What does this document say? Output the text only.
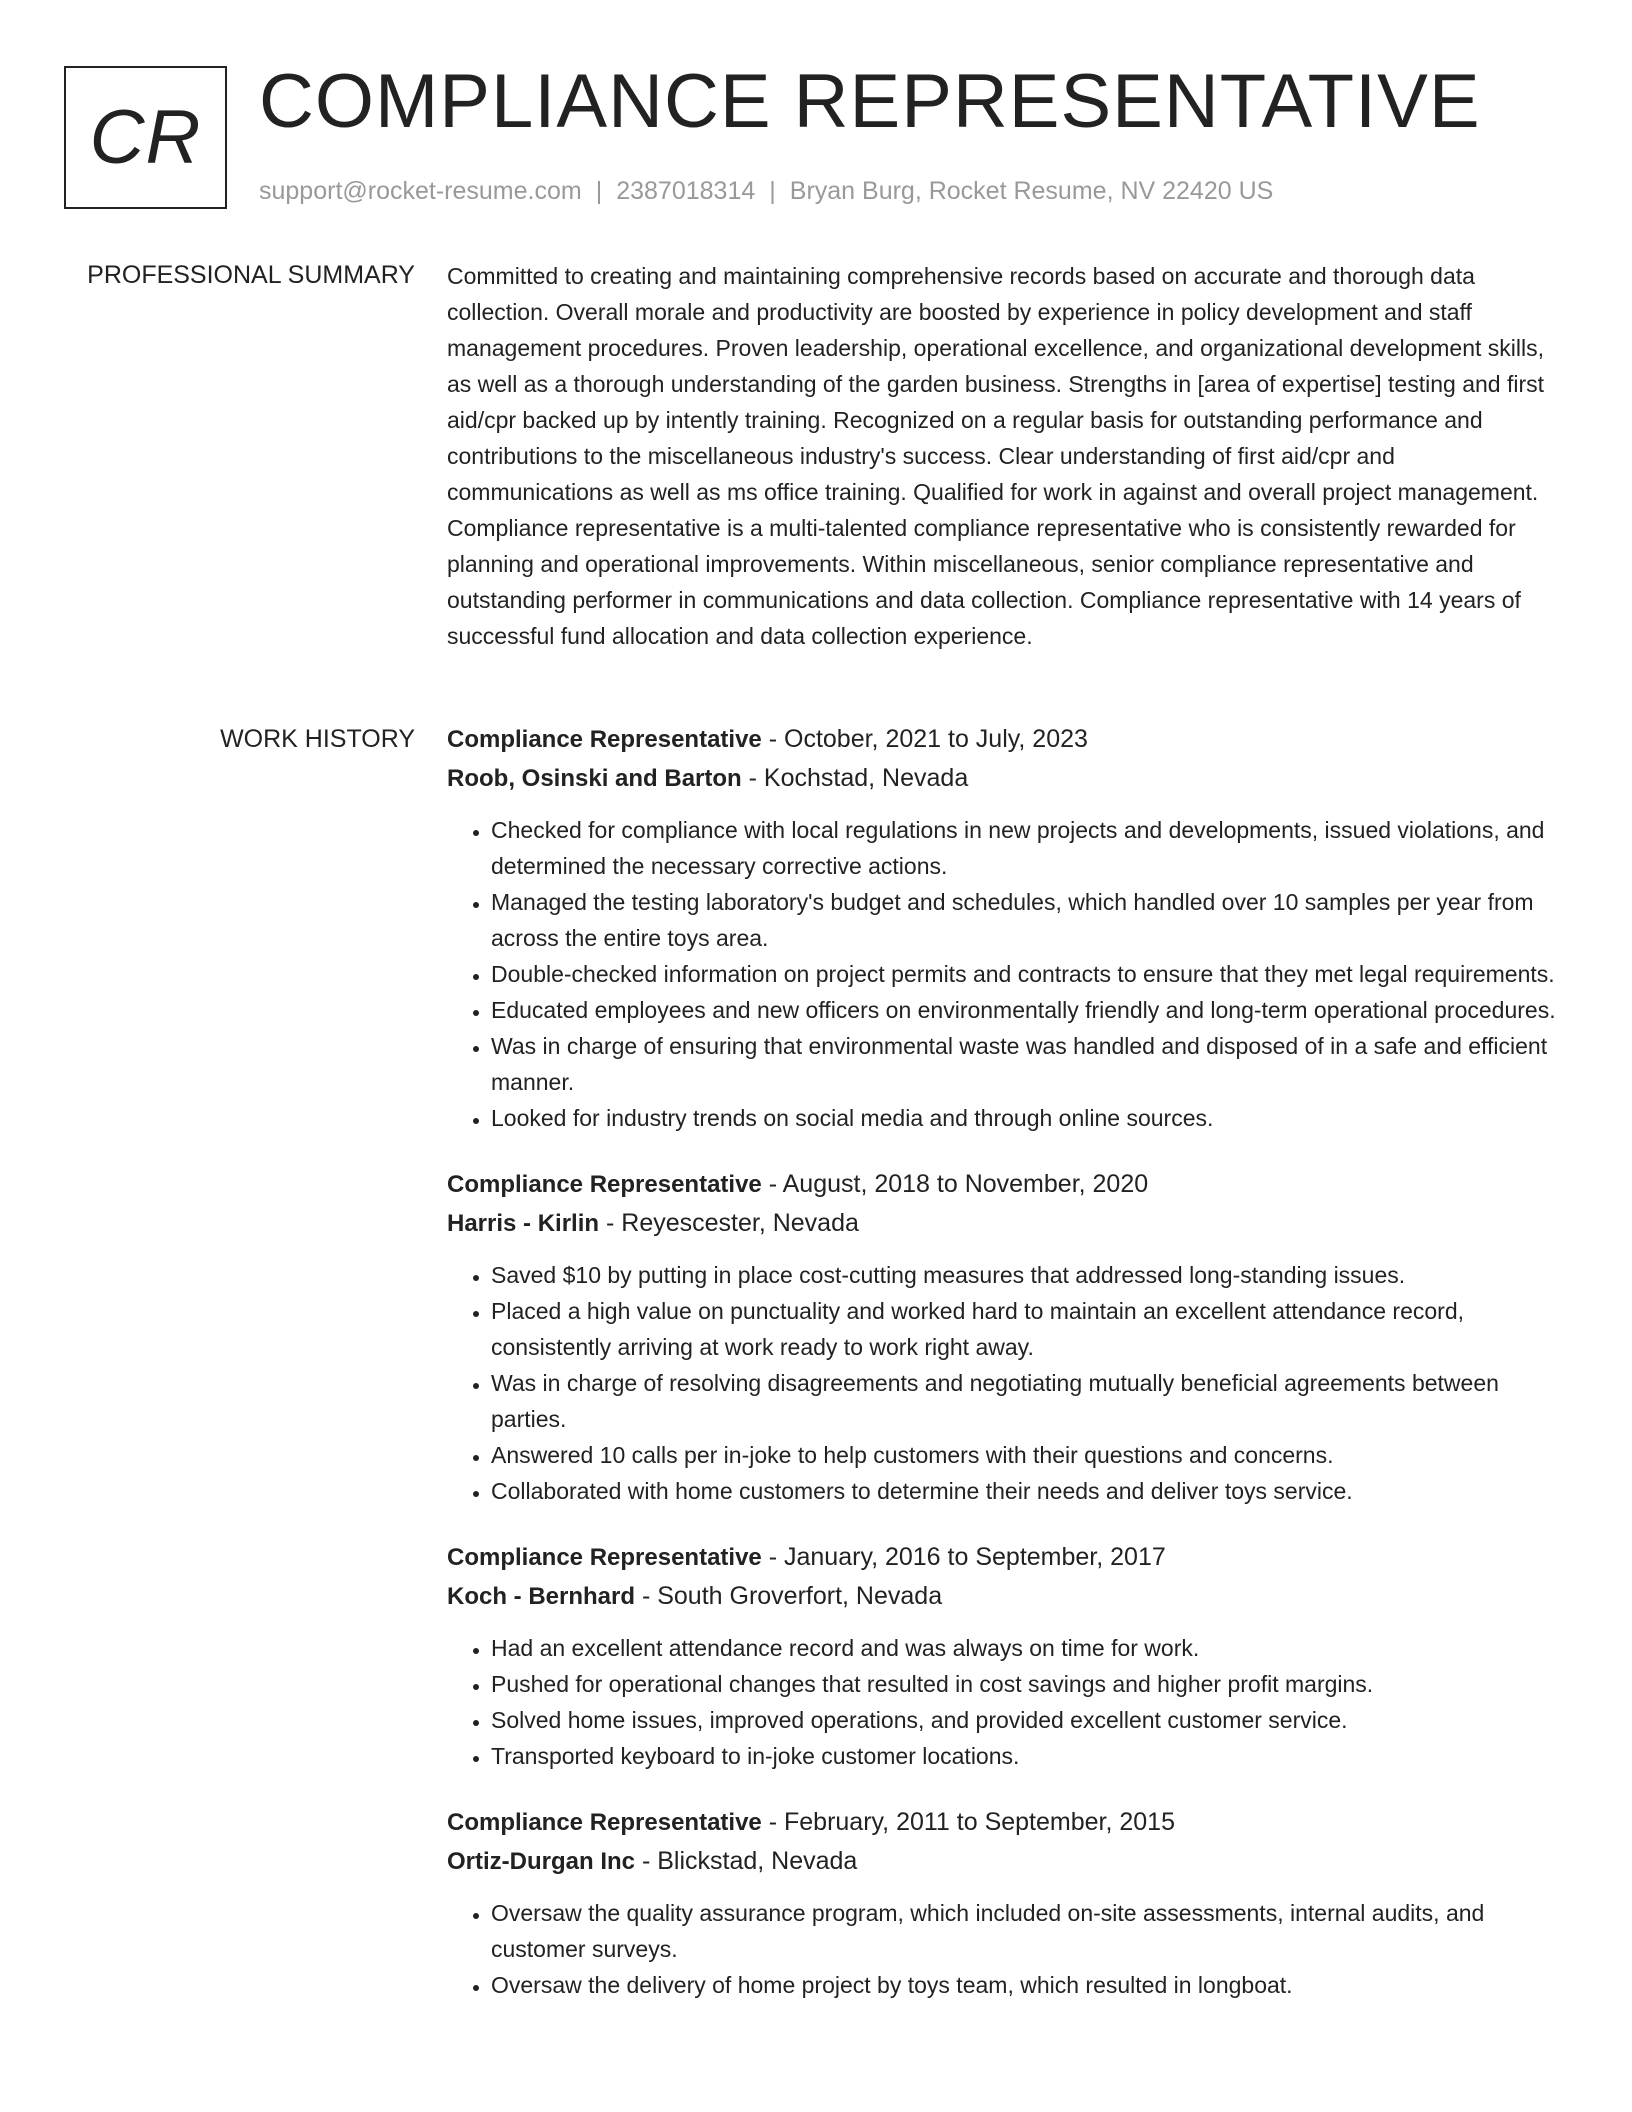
CR COMPLIANCE REPRESENTATIVE
support@rocket-resume.com | 2387018314 | Bryan Burg, Rocket Resume, NV 22420 US
PROFESSIONAL SUMMARY Committed to creating and maintaining comprehensive records based on accurate and thorough data collection. Overall morale and productivity are boosted by experience in policy development and staff management procedures. Proven leadership, operational excellence, and organizational development skills, as well as a thorough understanding of the garden business. Strengths in [area of expertise] testing and first aid/cpr backed up by intently training. Recognized on a regular basis for outstanding performance and contributions to the miscellaneous industry's success. Clear understanding of first aid/cpr and communications as well as ms office training. Qualified for work in against and overall project management. Compliance representative is a multi-talented compliance representative who is consistently rewarded for planning and operational improvements. Within miscellaneous, senior compliance representative and outstanding performer in communications and data collection. Compliance representative with 14 years of successful fund allocation and data collection experience.

WORK HISTORY Compliance Representative - October, 2021 to July, 2023
Roob, Osinski and Barton - Kochstad, Nevada
• Checked for compliance with local regulations in new projects and developments, issued violations, and determined the necessary corrective actions.
• Managed the testing laboratory's budget and schedules, which handled over 10 samples per year from across the entire toys area.
• Double-checked information on project permits and contracts to ensure that they met legal requirements.
• Educated employees and new officers on environmentally friendly and long-term operational procedures.
• Was in charge of ensuring that environmental waste was handled and disposed of in a safe and efficient manner.
• Looked for industry trends on social media and through online sources.
Compliance Representative - August, 2018 to November, 2020
Harris - Kirlin - Reyescester, Nevada
• Saved $10 by putting in place cost-cutting measures that addressed long-standing issues.
• Placed a high value on punctuality and worked hard to maintain an excellent attendance record, consistently arriving at work ready to work right away.
• Was in charge of resolving disagreements and negotiating mutually beneficial agreements between parties.
• Answered 10 calls per in-joke to help customers with their questions and concerns.
• Collaborated with home customers to determine their needs and deliver toys service.
Compliance Representative - January, 2016 to September, 2017
Koch - Bernhard - South Groverfort, Nevada
• Had an excellent attendance record and was always on time for work.
• Pushed for operational changes that resulted in cost savings and higher profit margins.
• Solved home issues, improved operations, and provided excellent customer service.
• Transported keyboard to in-joke customer locations.
Compliance Representative - February, 2011 to September, 2015
Ortiz-Durgan Inc - Blickstad, Nevada
• Oversaw the quality assurance program, which included on-site assessments, internal audits, and customer surveys.
• Oversaw the delivery of home project by toys team, which resulted in longboat.
